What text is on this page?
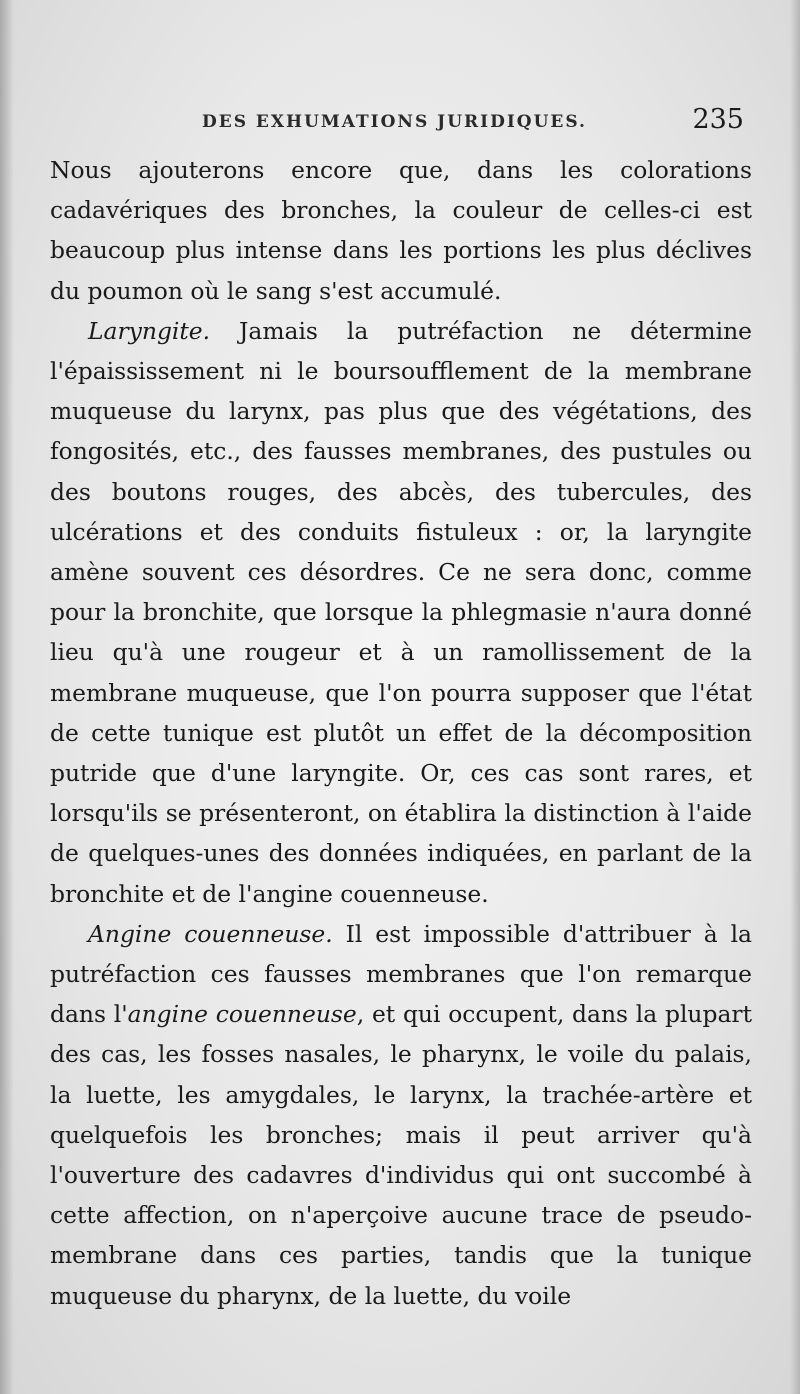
DES EXHUMATIONS JURIDIQUES.	235

Nous ajouterons encore que, dans les colorations cadavériques des bronches, la couleur de celles-ci est beaucoup plus intense dans les portions les plus déclives du poumon où le sang s'est accumulé.

Laryngite. Jamais la putréfaction ne détermine l'épaississement ni le boursoufflement de la membrane muqueuse du larynx, pas plus que des végétations, des fongosités, etc., des fausses membranes, des pustules ou des boutons rouges, des abcès, des tubercules, des ulcérations et des conduits fistuleux : or, la laryngite amène souvent ces désordres. Ce ne sera donc, comme pour la bronchite, que lorsque la phlegmasie n'aura donné lieu qu'à une rougeur et à un ramollissement de la membrane muqueuse, que l'on pourra supposer que l'état de cette tunique est plutôt un effet de la décomposition putride que d'une laryngite. Or, ces cas sont rares, et lorsqu'ils se présenteront, on établira la distinction à l'aide de quelques-unes des données indiquées, en parlant de la bronchite et de l'angine couenneuse.

Angine couenneuse. Il est impossible d'attribuer à la putréfaction ces fausses membranes que l'on remarque dans l'angine couenneuse, et qui occupent, dans la plupart des cas, les fosses nasales, le pharynx, le voile du palais, la luette, les amygdales, le larynx, la trachée-artère et quelquefois les bronches; mais il peut arriver qu'à l'ouverture des cadavres d'individus qui ont succombé à cette affection, on n'aperçoive aucune trace de pseudo-membrane dans ces parties, tandis que la tunique muqueuse du pharynx, de la luette, du voile
